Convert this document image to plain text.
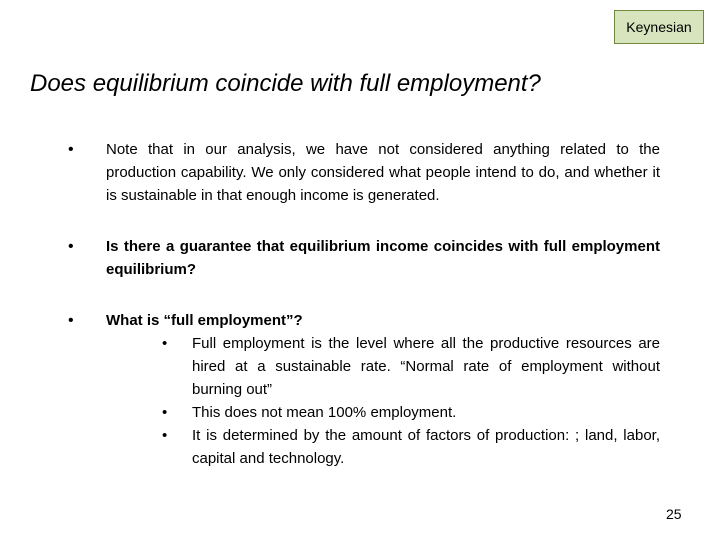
Keynesian
Does equilibrium coincide with full employment?
• Note that in our analysis, we have not considered anything related to the production capability. We only considered what people intend to do, and whether it is sustainable in that enough income is generated.
• Is there a guarantee that equilibrium income coincides with full employment equilibrium?
• What is “full employment”?
• Full employment is the level where all the productive resources are hired at a sustainable rate. “Normal rate of employment without burning out”
• This does not mean 100% employment.
• It is determined by the amount of factors of production: ; land, labor, capital and technology.
25
